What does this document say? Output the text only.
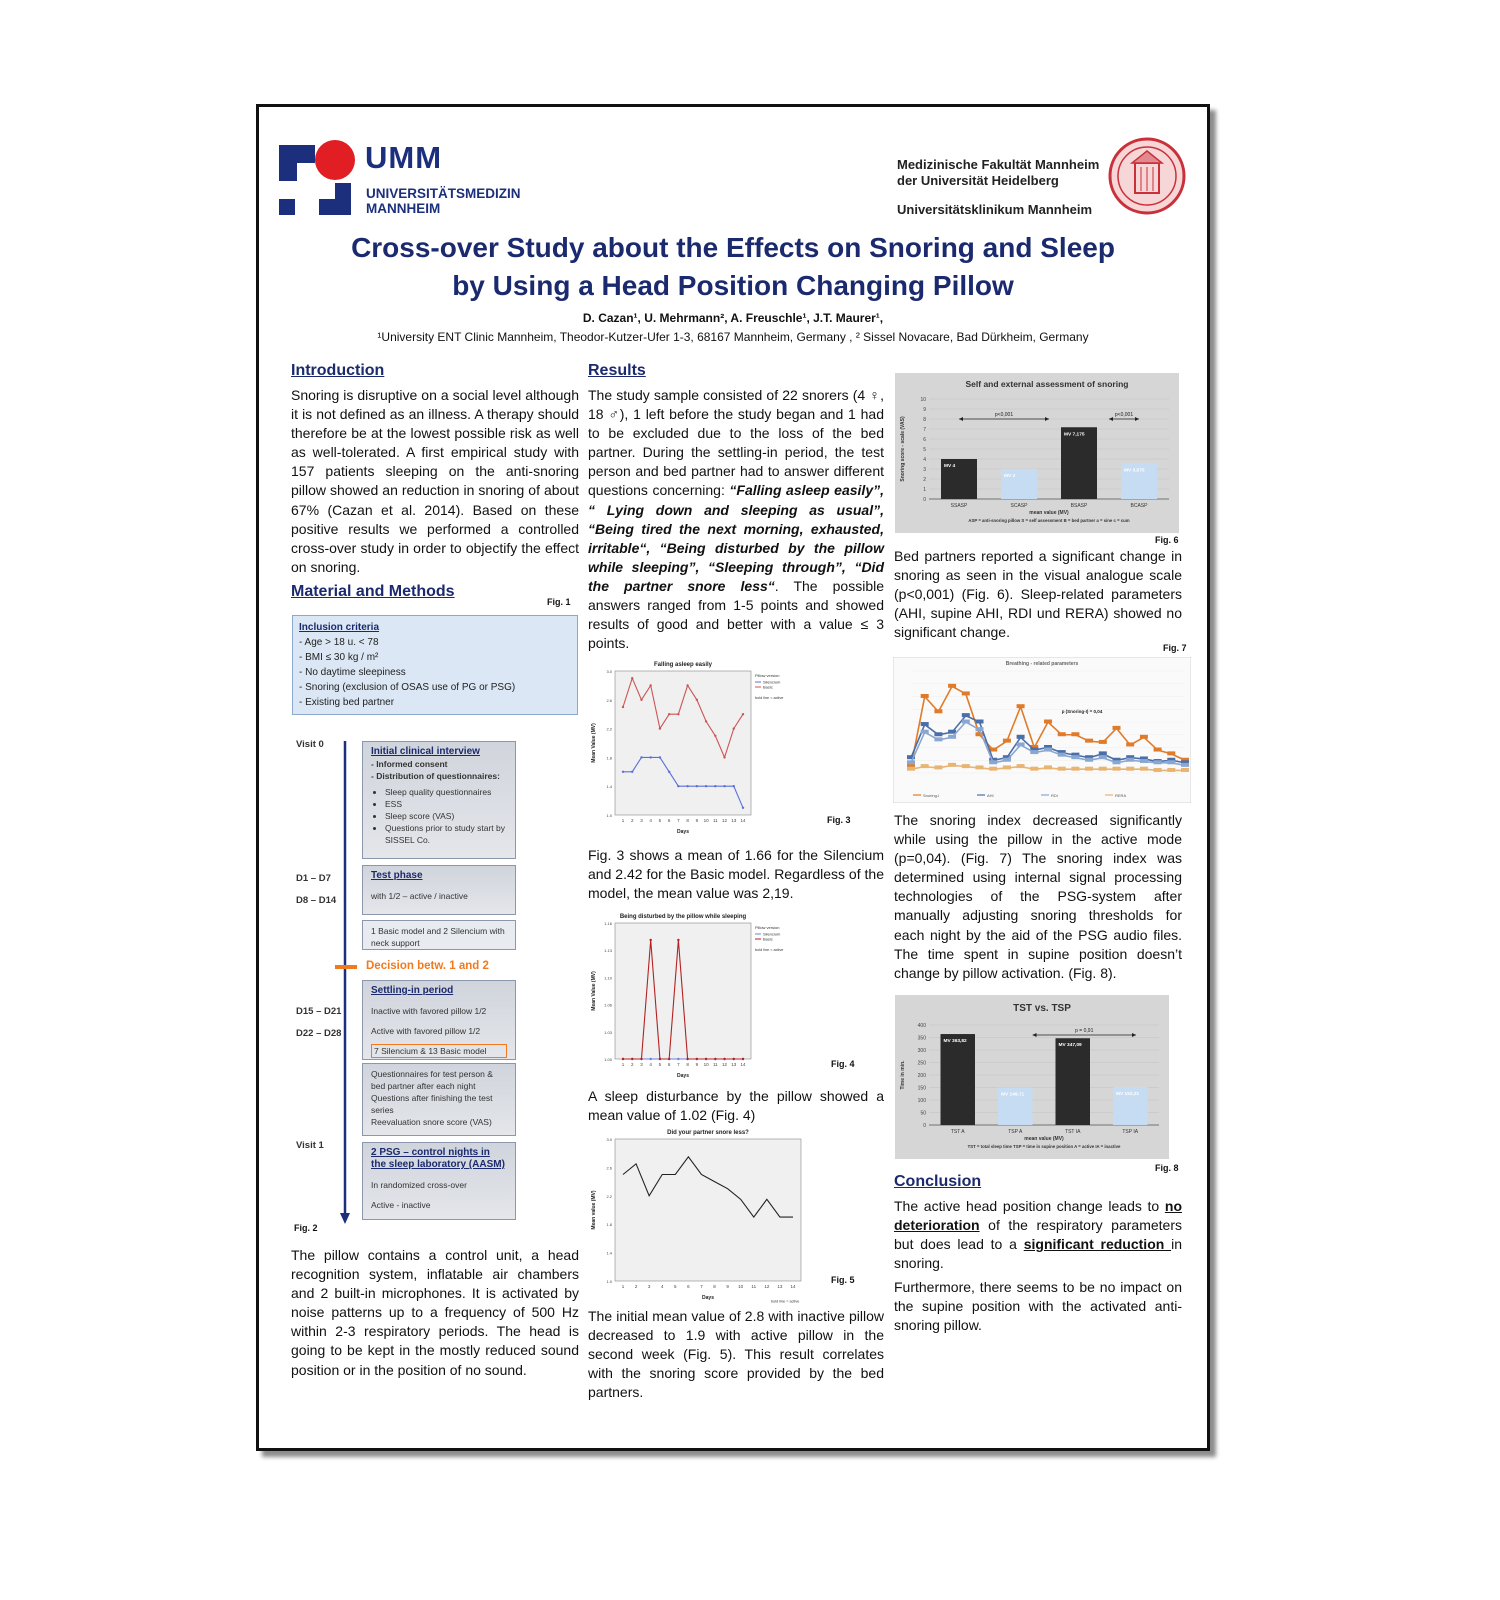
UMM
UNIVERSITÄTSMEDIZIN
MANNHEIM
Medizinische Fakultät Mannheim
der Universität Heidelberg
Universitätsklinikum Mannheim
Cross-over Study about the Effects on Snoring and Sleep
by Using a Head Position Changing Pillow
D. Cazan¹, U. Mehrmann², A. Freuschle¹, J.T. Maurer¹,
¹University ENT Clinic Mannheim, Theodor-Kutzer-Ufer 1-3, 68167 Mannheim, Germany , ² Sissel Novacare, Bad Dürkheim, Germany
Introduction
Snoring is disruptive on a social level although it is not defined as an illness. A therapy should therefore be at the lowest possible risk as well as well-tolerated. A first empirical study with 157 patients sleeping on the anti-snoring pillow showed an reduction in snoring of about 67% (Cazan et al. 2014). Based on these positive results we performed a controlled cross-over study in order to objectify the effect on snoring.
Material and Methods
Fig. 1
Inclusion criteria
- Age > 18 u. < 78
- BMI ≤ 30 kg / m²
- No daytime sleepiness
- Snoring (exclusion of OSAS use of PG or PSG)
- Existing bed partner
Visit 0
D1 – D7
D8 – D14
D15 – D21
D22 – D28
Visit 1
Fig. 2
Initial clinical interview
- Informed consent
- Distribution of questionnaires:
• Sleep quality questionnaires
• ESS
• Sleep score (VAS)
• Questions prior to study start by SISSEL Co.
Test phase
with 1/2 – active / inactive
1 Basic model and 2 Silencium with neck support
Decision betw. 1 and 2
Settling-in period
Inactive with favored pillow 1/2
Active with favored pillow 1/2
7 Silencium & 13 Basic model
Questionnaires for test person & bed partner after each night
Questions after finishing the test series
Reevaluation snore score (VAS)
2 PSG – control nights in the sleep laboratory (AASM)
In randomized cross-over
Active - inactive
The pillow contains a control unit, a head recognition system, inflatable air chambers and 2 built-in microphones. It is activated by noise patterns up to a frequency of 500 Hz within 2-3 respiratory periods. The head is going to be kept in the mostly reduced sound position or in the position of no sound.
Results
The study sample consisted of 22 snorers (4 ♀, 18 ♂), 1 left before the study began and 1 had to be excluded due to the loss of the bed partner. During the settling-in period, the test person and bed partner had to answer different questions concerning: “Falling asleep easily”, “ Lying down and sleeping as usual”, “Being tired the next morning, exhausted, irritable“, “Being disturbed by the pillow while sleeping”, “Sleeping through”, “Did the partner snore less“. The possible answers ranged from 1-5 points and showed results of good and better with a value ≤ 3 points.
Falling asleep easily
1.0
1.4
1.8
2.2
2.6
3.0
1 2 3 4 5 6 7 8 9 10 11 12 13 14
Days
Mean Value (MV)
Pillow version
Silencium
Basic
bold line = active
Fig. 3
Fig. 3 shows a mean of 1.66 for the Silencium and 2.42 for the Basic model. Regardless of the model, the mean value was 2,19.
Being disturbed by the pillow while sleeping
1.00
1.03
1.06
1.10
1.13
1.16
1 2 3 4 5 6 7 8 9 10 11 12 13 14
Days
Mean Value (MV)
Pillow version
Silencium
Basic
bold line = active
Fig. 4
A sleep disturbance by the pillow showed a mean value of 1.02 (Fig. 4)
Did your partner snore less?
1.0
1.4
1.8
2.2
2.6
3.0
1 2 3 4 5 6 7 8 9 10 11 12 13 14
Days
Mean value (MV)
bold line = active
Fig. 5
The initial mean value of 2.8 with inactive pillow decreased to 1.9 with active pillow in the second week (Fig. 5). This result correlates with the snoring score provided by the bed partners.
Self and external assessment of snoring
0
1
2
3
4
5
6
7
8
9
10
MV 4
SSASP
MV 3
SCASP
MV 7,175
BSASP
MV 3,575
BCASP
mean value (MV)
Snoring score - scale (VAS)
ASP = anti-snoring pillow S = self assessment B = bed partner a = sine c = cum
p<0,001	p<0,001
Fig. 6
Bed partners reported a significant change in snoring as seen in the visual analogue scale (p<0,001) (Fig. 6). Sleep-related parameters (AHI, supine AHI, RDI und RERA) showed no significant change.
Fig. 7
Breathing - related parameters
p (Snoring-I) = 0,04
Snoring-I	AHI	RDI	RERA
The snoring index decreased significantly while using the pillow in the active mode (p=0,04). (Fig. 7) The snoring index was determined using internal signal processing technologies of the PSG-system after manually adjusting snoring thresholds for each night by the aid of the PSG audio files. The time spent in supine position doesn’t change by pillow activation. (Fig. 8).
TST vs. TSP
0
50
100
150
200
250
300
350
400
MV 363,82
TST A
MV 149,71
TSP A
MV 347,09
TST IA
MV 152,21
TSP IA
mean value (MV)
Time in min.
TST = total sleep time TSP = time in supine position A = active IA = inactive
p = 0,91
Fig. 8
Conclusion
The active head position change leads to no deterioration of the respiratory parameters but does lead to a significant reduction in snoring.
Furthermore, there seems to be no impact on the supine position with the activated anti-snoring pillow.
